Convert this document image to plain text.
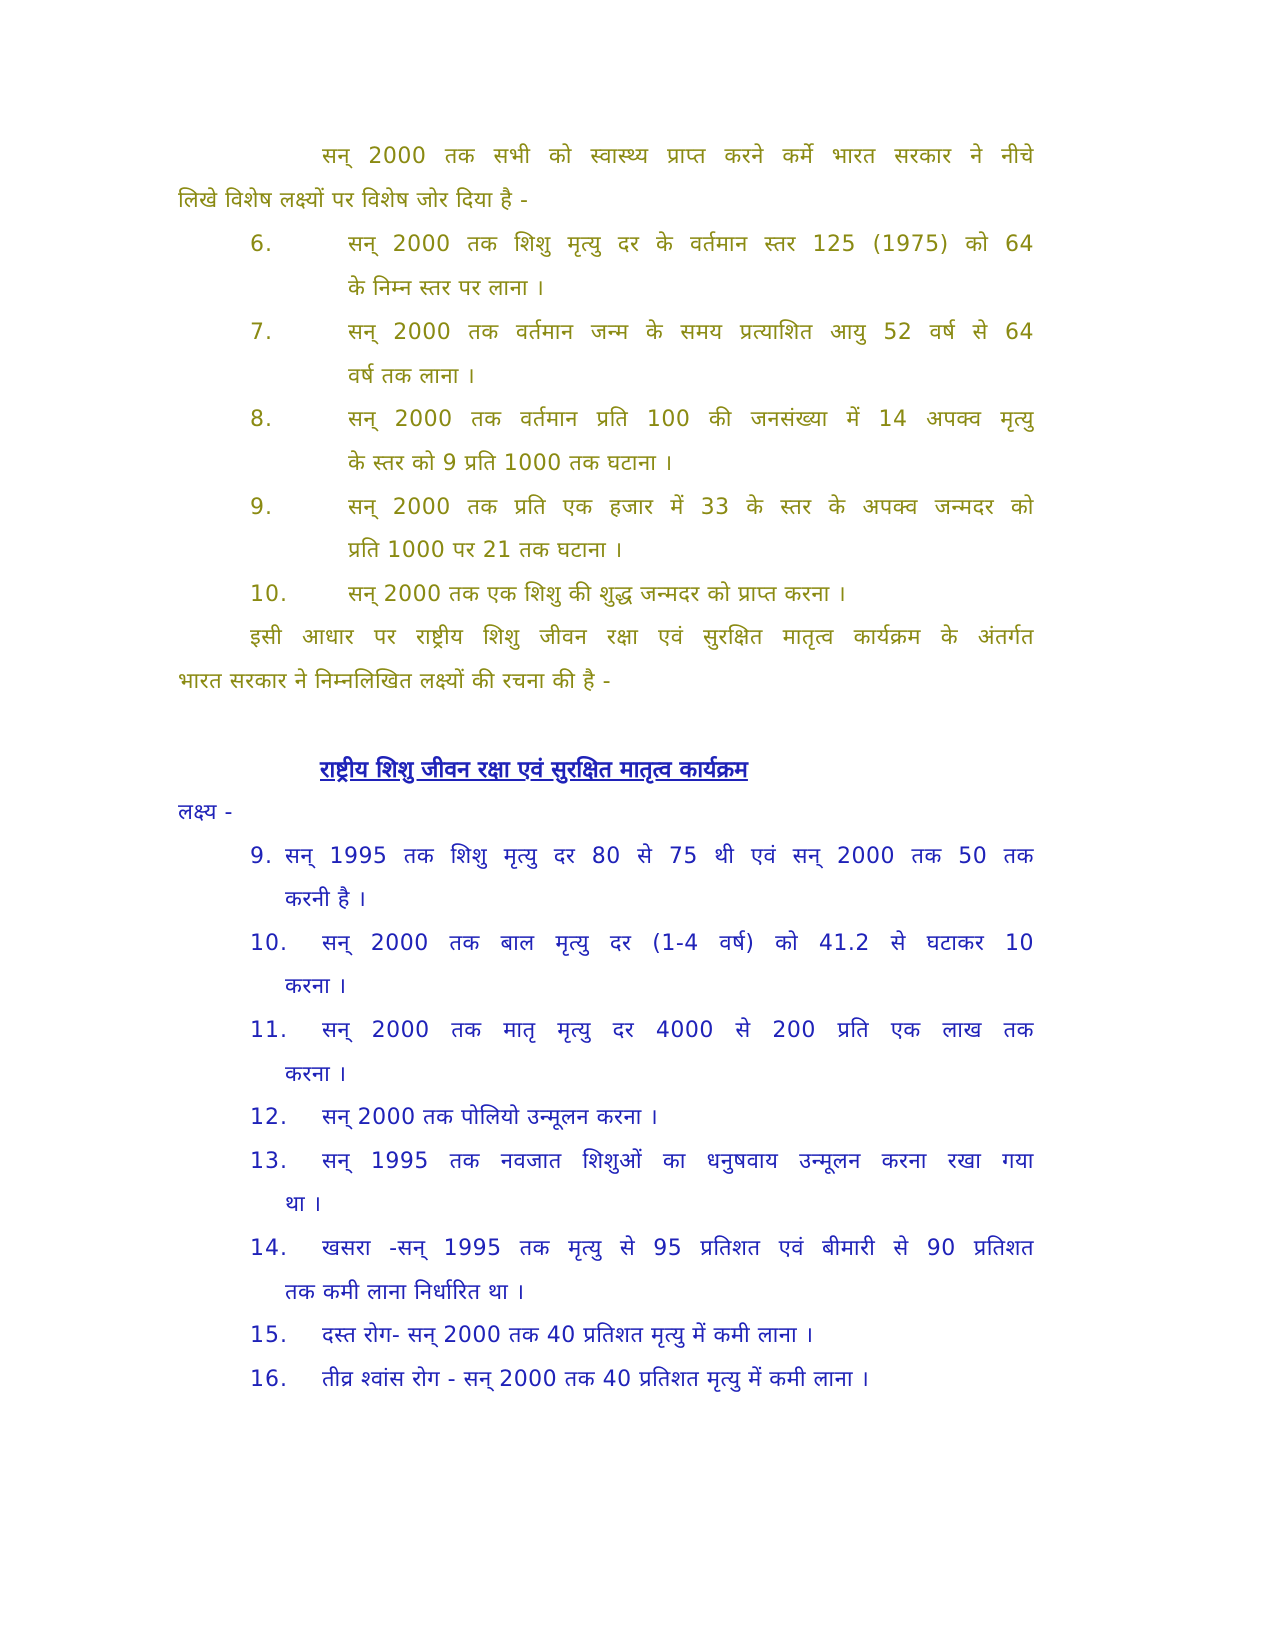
सन् 2000 तक सभी को स्वास्थ्य प्राप्त करने कर्मे भारत सरकार ने नीचे
लिखे विशेष लक्ष्यों पर विशेष जोर दिया है -
6.	सन् 2000 तक शिशु मृत्यु दर के वर्तमान स्तर 125 (1975) को 64
के निम्न स्तर पर लाना ।
7.	सन् 2000 तक वर्तमान जन्म के समय प्रत्याशित आयु 52 वर्ष से 64
वर्ष तक लाना ।
8.	सन् 2000 तक वर्तमान प्रति 100 की जनसंख्या में 14 अपक्व मृत्यु
के स्तर को 9 प्रति 1000 तक घटाना ।
9.	सन् 2000 तक प्रति एक हजार में 33 के स्तर के अपक्व जन्मदर को
प्रति 1000 पर 21 तक घटाना ।
10.	सन् 2000 तक एक शिशु की शुद्ध जन्मदर को प्राप्त करना ।
इसी आधार पर राष्ट्रीय शिशु जीवन रक्षा एवं सुरक्षित मातृत्व कार्यक्रम के अंतर्गत
भारत सरकार ने निम्नलिखित लक्ष्यों की रचना की है -
राष्ट्रीय शिशु जीवन रक्षा एवं सुरक्षित मातृत्व कार्यक्रम
लक्ष्य -
9. सन् 1995 तक शिशु मृत्यु दर 80 से 75 थी एवं सन् 2000 तक 50 तक
करनी है ।
10. सन् 2000 तक बाल मृत्यु दर (1-4 वर्ष) को 41.2 से घटाकर 10
करना ।
11. सन् 2000 तक मातृ मृत्यु दर 4000 से 200 प्रति एक लाख तक
करना ।
12. सन् 2000 तक पोलियो उन्मूलन करना ।
13. सन् 1995 तक नवजात शिशुओं का धनुषवाय उन्मूलन करना रखा गया
था ।
14. खसरा -सन् 1995 तक मृत्यु से 95 प्रतिशत एवं बीमारी से 90 प्रतिशत
तक कमी लाना निर्धारित था ।
15. दस्त रोग- सन् 2000 तक 40 प्रतिशत मृत्यु में कमी लाना ।
16. तीव्र श्वांस रोग - सन् 2000 तक 40 प्रतिशत मृत्यु में कमी लाना ।
